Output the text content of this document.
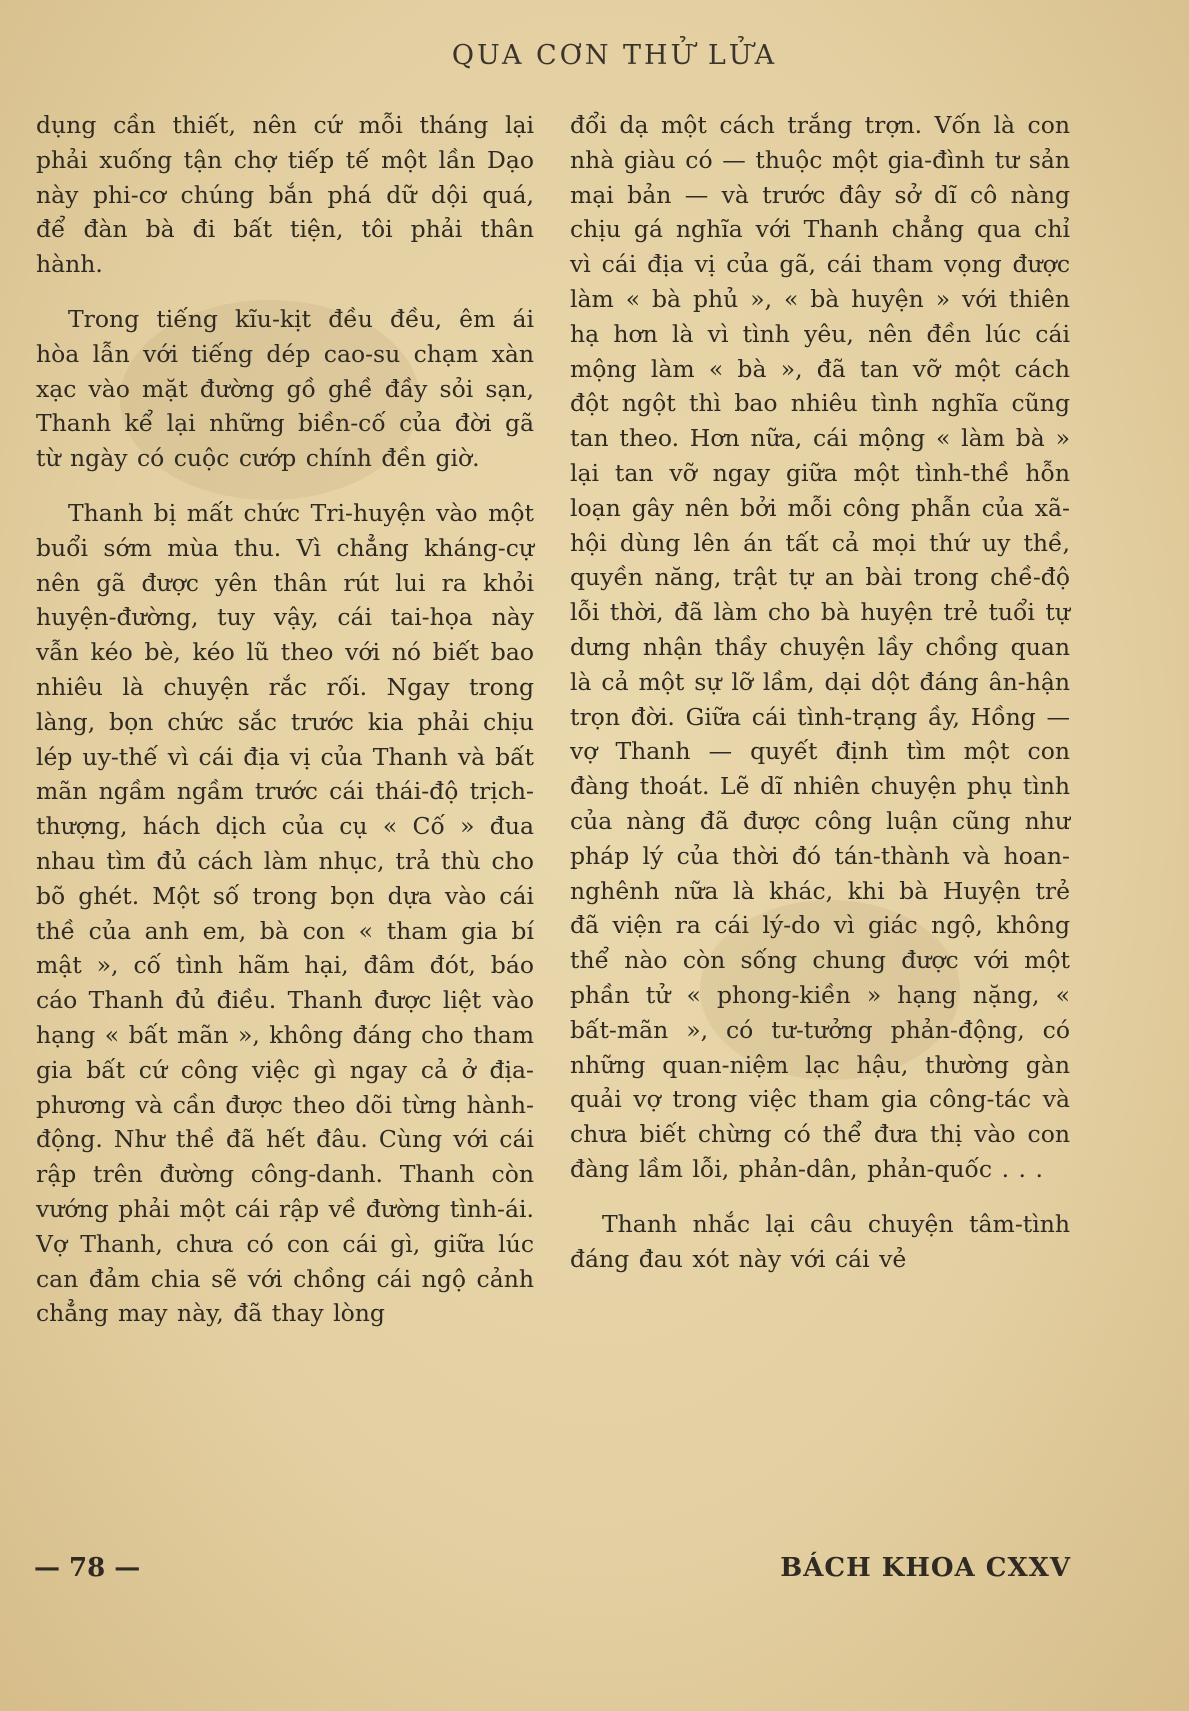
QUA CƠN THỬ LỬA

dụng cần thiết, nên cứ mỗi tháng lại phải xuống tận chợ tiếp tế một lần Dạo này phi-cơ chúng bắn phá dữ dội quá, để đàn bà đi bất tiện, tôi phải thân hành.

Trong tiếng kĩu-kịt đều đều, êm ái hòa lẫn với tiếng dép cao-su chạm xàn xạc vào mặt đường gồ ghề đầy sỏi sạn, Thanh kể lại những biền-cố của đời gã từ ngày có cuộc cướp chính đền giờ.

Thanh bị mất chức Tri-huyện vào một buổi sớm mùa thu. Vì chẳng kháng-cự nên gã được yên thân rút lui ra khỏi huyện-đường, tuy vậy, cái tai-họa này vẫn kéo bè, kéo lũ theo với nó biết bao nhiêu là chuyện rắc rối. Ngay trong làng, bọn chức sắc trước kia phải chịu lép uy-thế vì cái địa vị của Thanh và bất mãn ngầm ngầm trước cái thái-độ trịch-thượng, hách dịch của cụ « Cố » đua nhau tìm đủ cách làm nhục, trả thù cho bõ ghét. Một số trong bọn dựa vào cái thề của anh em, bà con « tham gia bí mật », cố tình hãm hại, đâm đót, báo cáo Thanh đủ điều. Thanh được liệt vào hạng « bất mãn », không đáng cho tham gia bất cứ công việc gì ngay cả ở địa-phương và cần được theo dõi từng hành-động. Như thề đã hết đâu. Cùng với cái rập trên đường công-danh. Thanh còn vướng phải một cái rập về đường tình-ái. Vợ Thanh, chưa có con cái gì, giữa lúc can đảm chia sẽ với chồng cái ngộ cảnh chẳng may này, đã thay lòng

đổi dạ một cách trắng trợn. Vốn là con nhà giàu có — thuộc một gia-đình tư sản mại bản — và trước đây sở dĩ cô nàng chịu gá nghĩa với Thanh chẳng qua chỉ vì cái địa vị của gã, cái tham vọng được làm « bà phủ », « bà huyện » với thiên hạ hơn là vì tình yêu, nên đền lúc cái mộng làm « bà », đã tan vỡ một cách đột ngột thì bao nhiêu tình nghĩa cũng tan theo. Hơn nữa, cái mộng « làm bà » lại tan vỡ ngay giữa một tình-thề hỗn loạn gây nên bởi mỗi công phẫn của xã-hội dùng lên án tất cả mọi thứ uy thề, quyền năng, trật tự an bài trong chề-độ lỗi thời, đã làm cho bà huyện trẻ tuổi tự dưng nhận thầy chuyện lầy chồng quan là cả một sự lỡ lầm, dại dột đáng ân-hận trọn đời. Giữa cái tình-trạng ầy, Hồng — vợ Thanh — quyết định tìm một con đàng thoát. Lẽ dĩ nhiên chuyện phụ tình của nàng đã được công luận cũng như pháp lý của thời đó tán-thành và hoan-nghênh nữa là khác, khi bà Huyện trẻ đã viện ra cái lý-do vì giác ngộ, không thể nào còn sống chung được với một phần tử « phong-kiền » hạng nặng, « bất-mãn », có tư-tưởng phản-động, có những quan-niệm lạc hậu, thường gàn quải vợ trong việc tham gia công-tác và chưa biết chừng có thể đưa thị vào con đàng lầm lỗi, phản-dân, phản-quốc . . .

Thanh nhắc lại câu chuyện tâm-tình đáng đau xót này với cái vẻ

— 78 —	BÁCH KHOA CXXV
